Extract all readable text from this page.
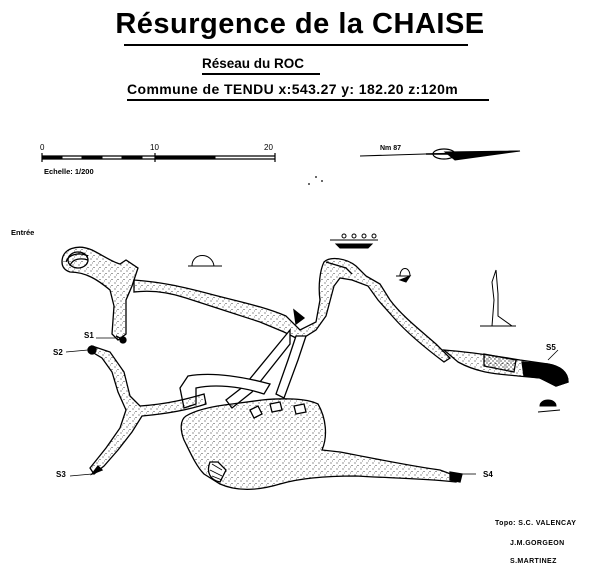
Résurgence de la CHAISE
Réseau du ROC
Commune de TENDU x:543.27 y: 182.20 z:120m
0	10	20
Echelle: 1/200
Nm 87
Entrée
S1
S2
S3	S4
S5
Topo: S.C. VALENCAY
J.M.GORGEON
S.MARTINEZ
